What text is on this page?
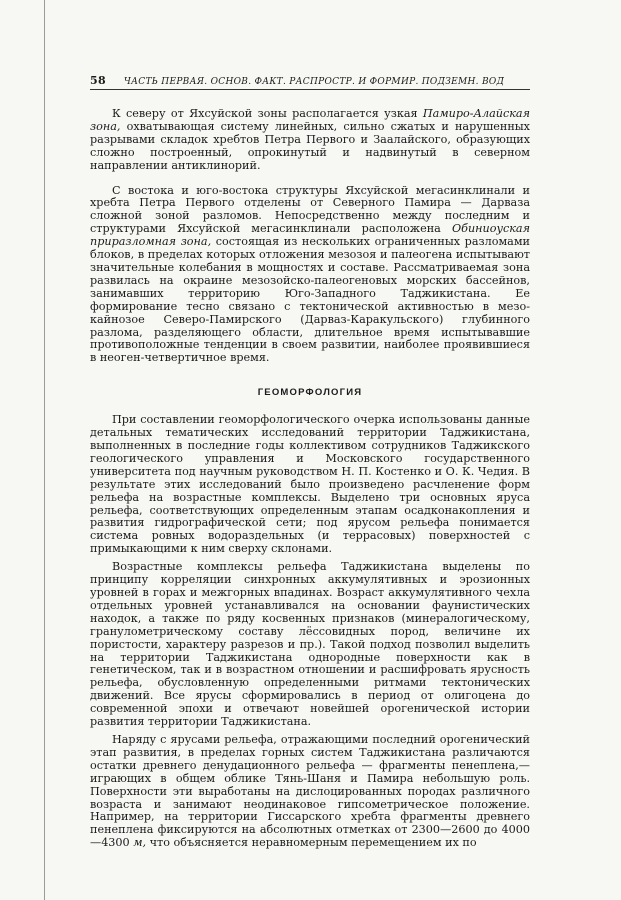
58 ЧАСТЬ ПЕРВАЯ. ОСНОВ. ФАКТ. РАСПРОСТР. И ФОРМИР. ПОДЗЕМН. ВОД

К северу от Яхсуйской зоны располагается узкая Памиро-Алайская зона, охватывающая систему линейных, сильно сжатых и нарушенных разрывами складок хребтов Петра Первого и Заалайского, образующих сложно построенный, опрокинутый и надвинутый в северном направлении антиклинорий.

С востока и юго-востока структуры Яхсуйской мегасинклинали и хребта Петра Первого отделены от Северного Памира — Дарваза сложной зоной разломов. Непосредственно между последним и структурами Яхсуйской мегасинклинали расположена Обиниоуская приразломная зона, состоящая из нескольких ограниченных разломами блоков, в пределах которых отложения мезозоя и палеогена испытывают значительные колебания в мощностях и составе. Рассматриваемая зона развилась на окраине мезозойско-палеогеновых морских бассейнов, занимавших территорию Юго-Западного Таджикистана. Ее формирование тесно связано с тектонической активностью в мезо-кайнозое Северо-Памирского (Дарваз-Каракульского) глубинного разлома, разделяющего области, длительное время испытывавшие противоположные тенденции в своем развитии, наиболее проявившиеся в неоген-четвертичное время.

ГЕОМОРФОЛОГИЯ

При составлении геоморфологического очерка использованы данные детальных тематических исследований территории Таджикистана, выполненных в последние годы коллективом сотрудников Таджикского геологического управления и Московского государственного университета под научным руководством Н. П. Костенко и О. К. Чедия. В результате этих исследований было произведено расчленение форм рельефа на возрастные комплексы. Выделено три основных яруса рельефа, соответствующих определенным этапам осадконакопления и развития гидрографической сети; под ярусом рельефа понимается система ровных водораздельных (и террасовых) поверхностей с примыкающими к ним сверху склонами.

Возрастные комплексы рельефа Таджикистана выделены по принципу корреляции синхронных аккумулятивных и эрозионных уровней в горах и межгорных впадинах. Возраст аккумулятивного чехла отдельных уровней устанавливался на основании фаунистических находок, а также по ряду косвенных признаков (минералогическому, гранулометрическому составу лёссовидных пород, величине их пористости, характеру разрезов и пр.). Такой подход позволил выделить на территории Таджикистана однородные поверхности как в генетическом, так и в возрастном отношении и расшифровать ярусность рельефа, обусловленную определенными ритмами тектонических движений. Все ярусы сформировались в период от олигоцена до современной эпохи и отвечают новейшей орогенической истории развития территории Таджикистана.

Наряду с ярусами рельефа, отражающими последний орогенический этап развития, в пределах горных систем Таджикистана различаются остатки древнего денудационного рельефа — фрагменты пенеплена,— играющих в общем облике Тянь-Шаня и Памира небольшую роль. Поверхности эти выработаны на дислоцированных породах различного возраста и занимают неодинаковое гипсометрическое положение. Например, на территории Гиссарского хребта фрагменты древнего пенеплена фиксируются на абсолютных отметках от 2300—2600 до 4000—4300 м, что объясняется неравномерным перемещением их по
